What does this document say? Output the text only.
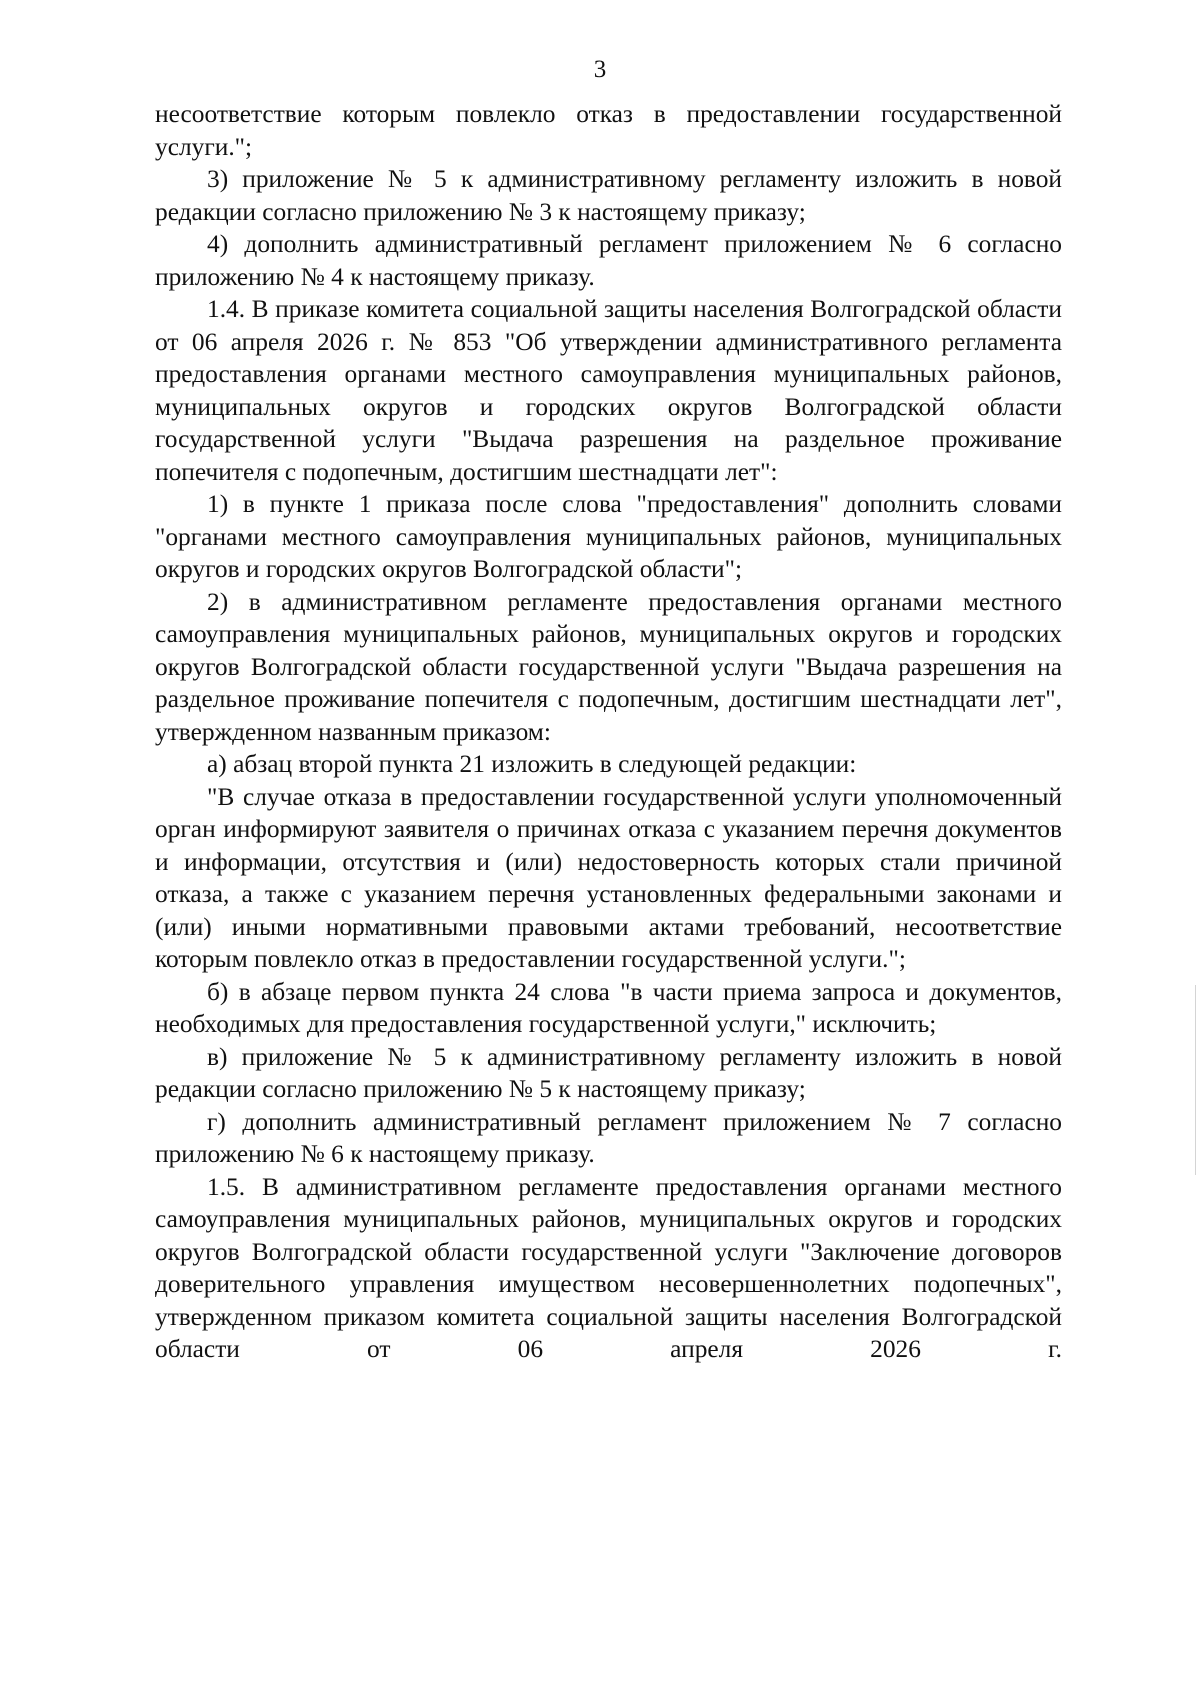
3

несоответствие которым повлекло отказ в предоставлении государственной услуги.";

3) приложение № 5 к административному регламенту изложить в новой редакции согласно приложению № 3 к настоящему приказу;

4) дополнить административный регламент приложением № 6 согласно приложению № 4 к настоящему приказу.

1.4. В приказе комитета социальной защиты населения Волгоградской области от 06 апреля 2026 г. № 853 "Об утверждении административного регламента предоставления органами местного самоуправления муниципальных районов, муниципальных округов и городских округов Волгоградской области государственной услуги "Выдача разрешения на раздельное проживание попечителя с подопечным, достигшим шестнадцати лет":

1) в пункте 1 приказа после слова "предоставления" дополнить словами "органами местного самоуправления муниципальных районов, муниципальных округов и городских округов Волгоградской области";

2) в административном регламенте предоставления органами местного самоуправления муниципальных районов, муниципальных округов и городских округов Волгоградской области государственной услуги "Выдача разрешения на раздельное проживание попечителя с подопечным, достигшим шестнадцати лет", утвержденном названным приказом:

а) абзац второй пункта 21 изложить в следующей редакции:

"В случае отказа в предоставлении государственной услуги уполномоченный орган информируют заявителя о причинах отказа с указанием перечня документов и информации, отсутствия и (или) недостоверность которых стали причиной отказа, а также с указанием перечня установленных федеральными законами и (или) иными нормативными правовыми актами требований, несоответствие которым повлекло отказ в предоставлении государственной услуги.";

б) в абзаце первом пункта 24 слова "в части приема запроса и документов, необходимых для предоставления государственной услуги," исключить;

в) приложение № 5 к административному регламенту изложить в новой редакции согласно приложению № 5 к настоящему приказу;

г) дополнить административный регламент приложением № 7 согласно приложению № 6 к настоящему приказу.

1.5. В административном регламенте предоставления органами местного самоуправления муниципальных районов, муниципальных округов и городских округов Волгоградской области государственной услуги "Заключение договоров доверительного управления имуществом несовершеннолетних подопечных", утвержденном приказом комитета социальной защиты населения Волгоградской области от 06 апреля 2026 г.
